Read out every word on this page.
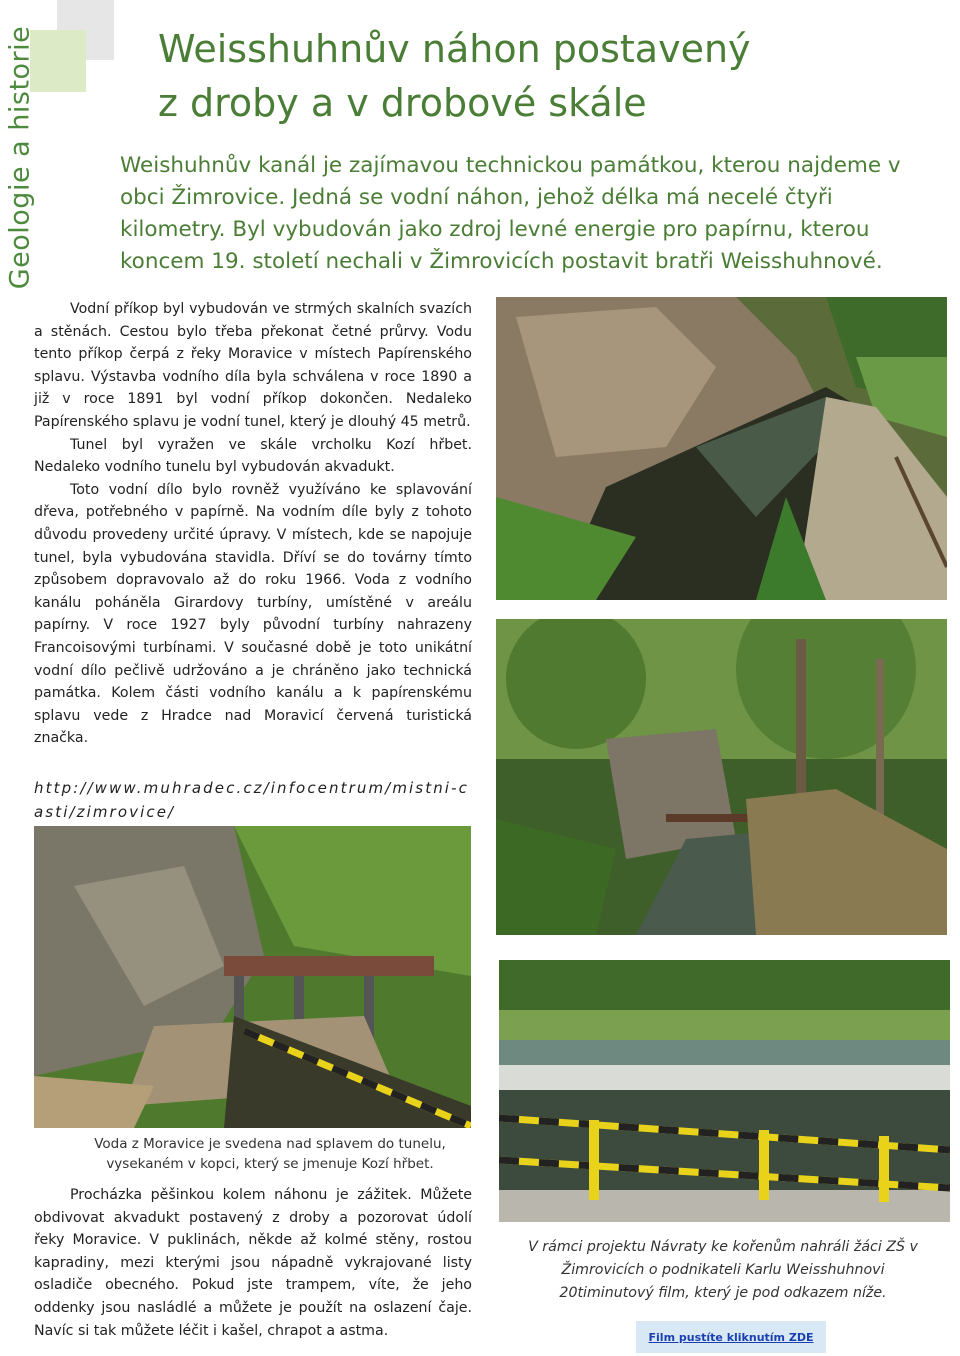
Geologie a historie	Weisshuhnův náhon postavený
z droby a v drobové skále

Weishuhnův kanál je zajímavou technickou památkou, kterou najdeme v obci Žimrovice. Jedná se vodní náhon, jehož délka má necelé čtyři kilometry. Byl vybudován jako zdroj levné energie pro papírnu, kterou koncem 19. století nechali v Žimrovicích postavit bratři Weisshuhnové.

Vodní příkop byl vybudován ve strmých skalních svazích a stěnách. Cestou bylo třeba překonat četné průrvy. Vodu tento příkop čerpá z řeky Moravice v místech Papírenského splavu. Výstavba vodního díla byla schválena v roce 1890 a již v roce 1891 byl vodní příkop dokončen. Nedaleko Papírenského splavu je vodní tunel, který je dlouhý 45 metrů.

Tunel byl vyražen ve skále vrcholku Kozí hřbet. Nedaleko vodního tunelu byl vybudován akvadukt.

Toto vodní dílo bylo rovněž využíváno ke splavování dřeva, potřebného v papírně. Na vodním díle byly z tohoto důvodu provedeny určité úpravy. V místech, kde se napojuje tunel, byla vybudována stavidla. Dříví se do továrny tímto způsobem dopravovalo až do roku 1966. Voda z vodního kanálu poháněla Girardovy turbíny, umístěné v areálu papírny. V roce 1927 byly původní turbíny nahrazeny Francoisovými turbínami. V současné době je toto unikátní vodní dílo pečlivě udržováno a je chráněno jako technická památka. Kolem části vodního kanálu a k papírenskému splavu vede z Hradce nad Moravicí červená turistická značka.

http://www.muhradec.cz/infocentrum/mistni-casti/zimrovice/

Voda z Moravice je svedena nad splavem do tunelu, vysekaném v kopci, který se jmenuje Kozí hřbet.

Procházka pěšinkou kolem náhonu je zážitek. Můžete obdivovat akvadukt postavený z droby a pozorovat údolí řeky Moravice. V puklinách, někde až kolmé stěny, rostou kapradiny, mezi kterými jsou nápadně vykrajované listy osladiče obecného. Pokud jste trampem, víte, že jeho oddenky jsou nasládlé a můžete je použít na oslazení čaje. Navíc si tak můžete léčit i kašel, chrapot a astma.

V rámci projektu Návraty ke kořenům nahráli žáci ZŠ v Žimrovicích o podnikateli Karlu Weisshuhnovi 20timinutový film, který je pod odkazem níže.

Film pustíte kliknutím ZDE
